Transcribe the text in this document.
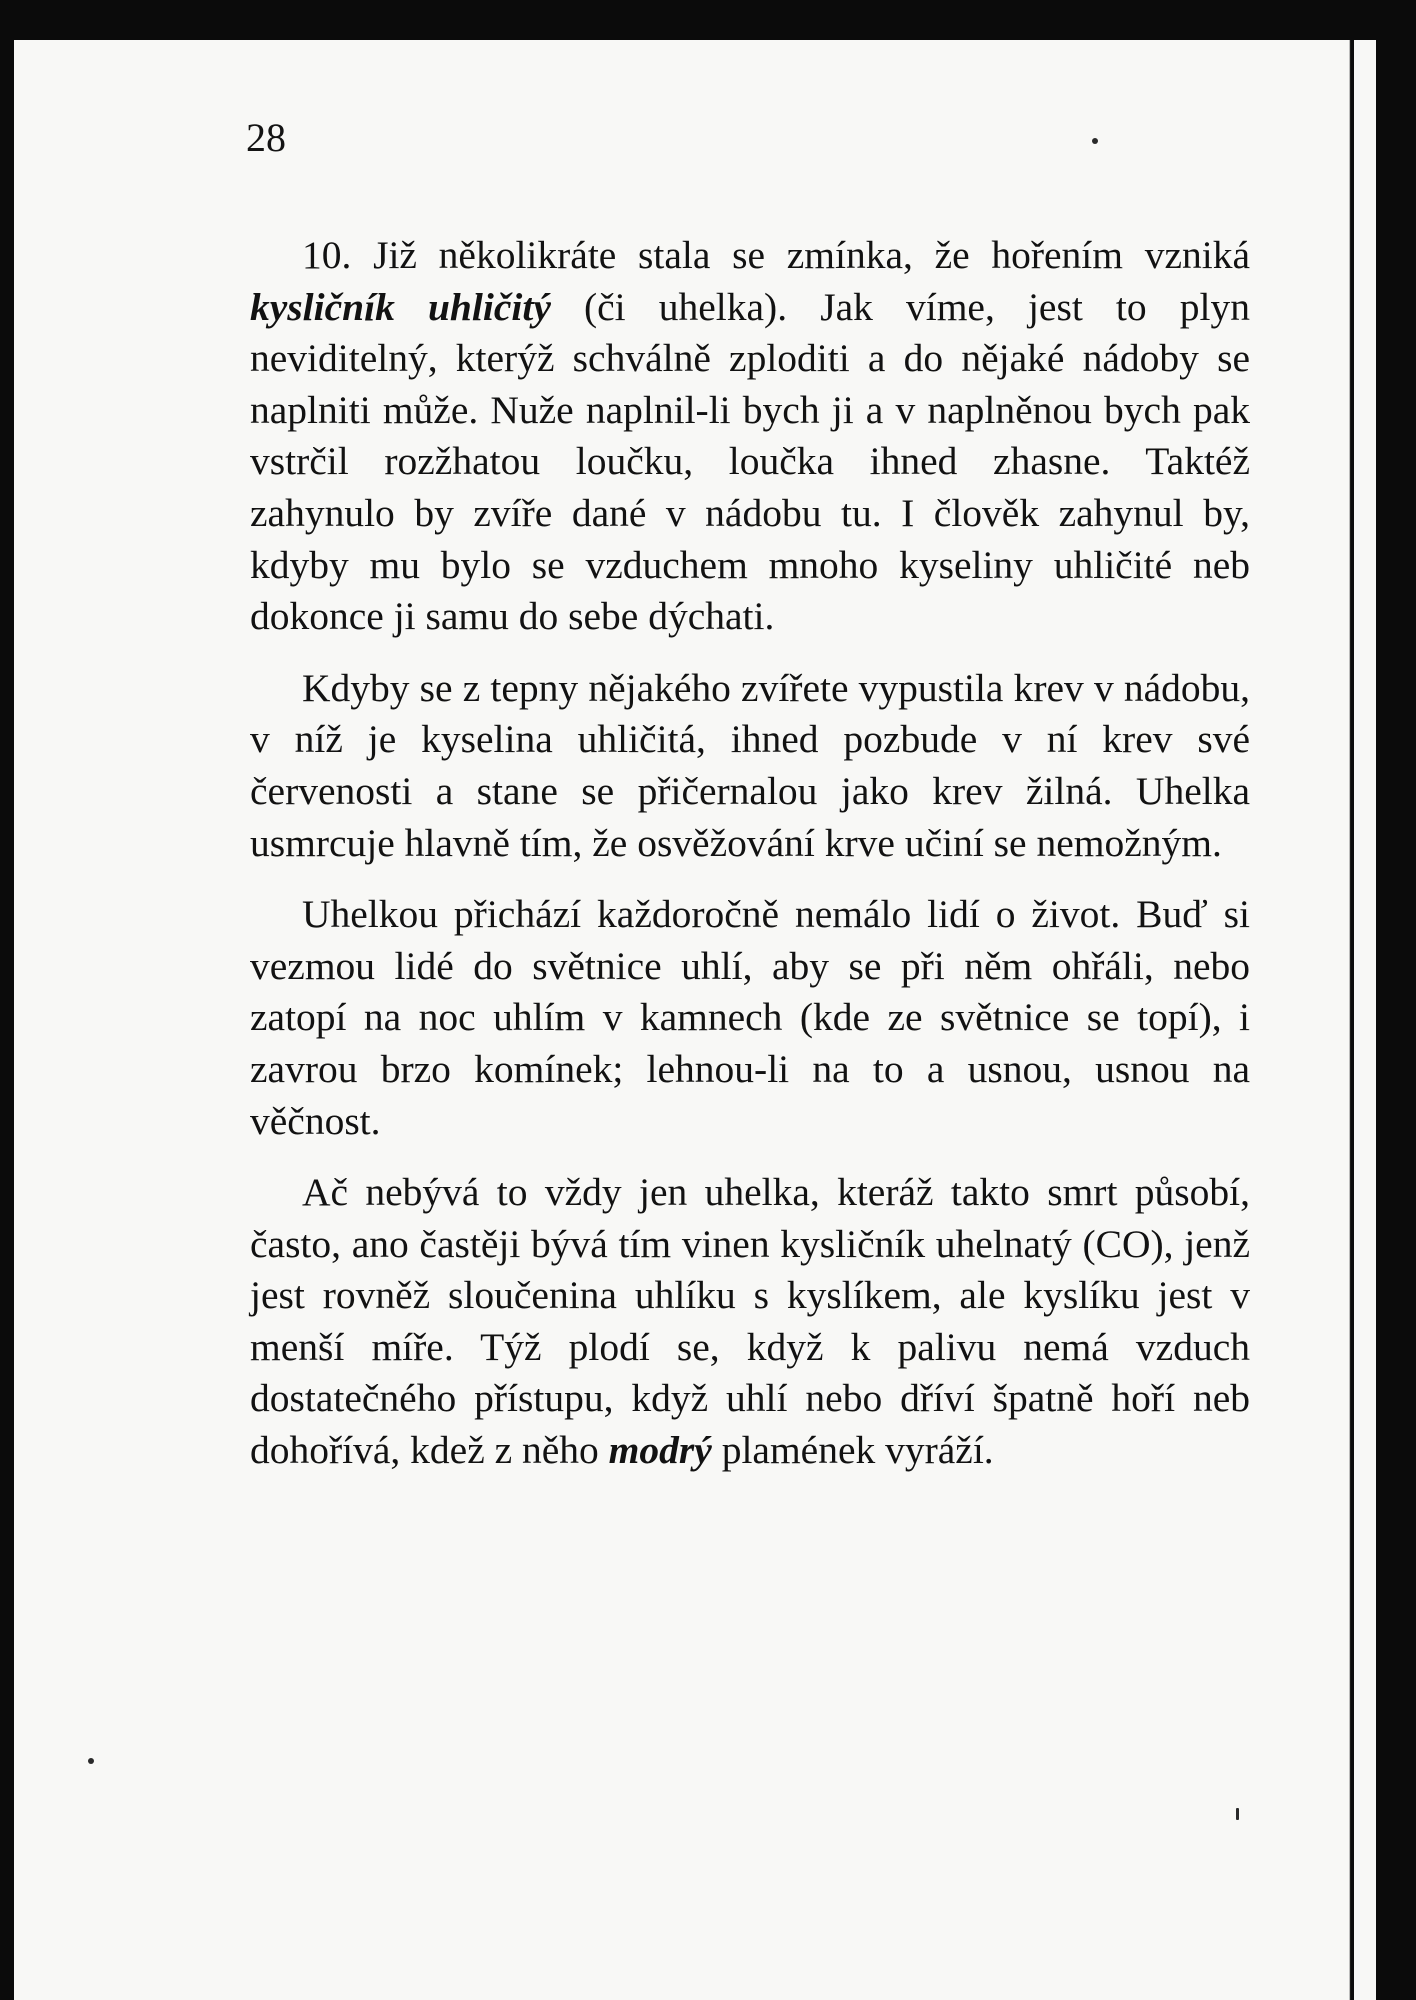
28

10. Již několikráte stala se zmínka, že hořením vzniká kysličník uhličitý (či uhelka). Jak víme, jest to plyn neviditelný, kterýž schválně zploditi a do nějaké nádoby se naplniti může. Nuže naplnil-li bych ji a v naplněnou bych pak vstrčil rozžhatou loučku, loučka ihned zhasne. Taktéž zahynulo by zvíře dané v nádobu tu. I člověk zahynul by, kdyby mu bylo se vzduchem mnoho kyseliny uhličité neb dokonce ji samu do sebe dýchati.

Kdyby se z tepny nějakého zvířete vypustila krev v nádobu, v níž je kyselina uhličitá, ihned pozbude v ní krev své červenosti a stane se přičernalou jako krev žilná. Uhelka usmrcuje hlavně tím, že osvěžování krve učiní se nemožným.

Uhelkou přichází každoročně nemálo lidí o život. Buď si vezmou lidé do světnice uhlí, aby se při něm ohřáli, nebo zatopí na noc uhlím v kamnech (kde ze světnice se topí), i zavrou brzo komínek; lehnou-li na to a usnou, usnou na věčnost.

Ač nebývá to vždy jen uhelka, kteráž takto smrt působí, často, ano častěji bývá tím vinen kysličník uhelnatý (CO), jenž jest rovněž sloučenina uhlíku s kyslíkem, ale kyslíku jest v menší míře. Týž plodí se, když k palivu nemá vzduch dostatečného přístupu, když uhlí nebo dříví špatně hoří neb dohořívá, kdež z něho modrý plamének vyráží.
